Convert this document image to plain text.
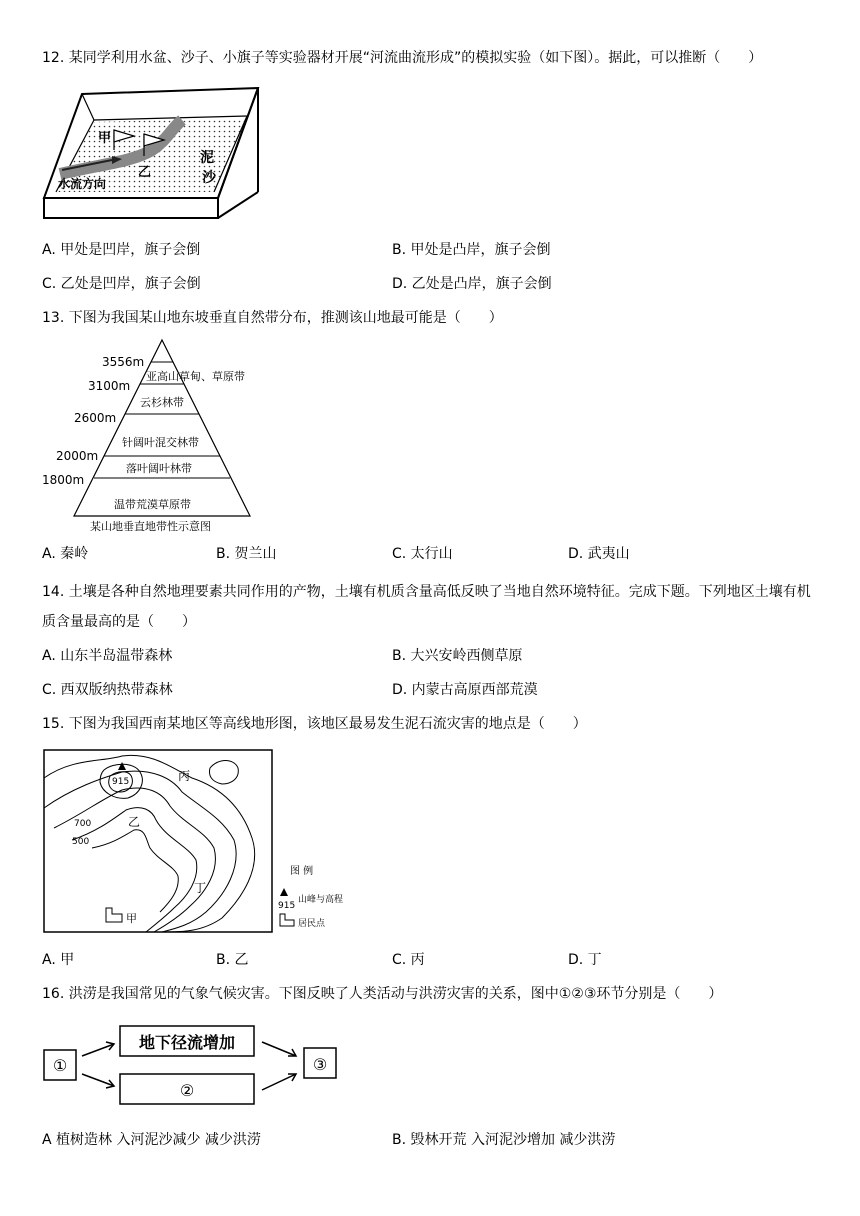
12. 某同学利用水盆、沙子、小旗子等实验器材开展“河流曲流形成”的模拟实验（如下图）。据此，可以推断（　　）
甲
乙
泥
沙
水流方向
A. 甲处是凹岸，旗子会倒	B. 甲处是凸岸，旗子会倒
C. 乙处是凹岸，旗子会倒	D. 乙处是凸岸，旗子会倒
13. 下图为我国某山地东坡垂直自然带分布，推测该山地最可能是（　　）
3556m
3100m
2600m
2000m
1800m
亚高山草甸、草原带
云杉林带
针阔叶混交林带
落叶阔叶林带
温带荒漠草原带
某山地垂直地带性示意图
A. 秦岭	B. 贺兰山	C. 太行山	D. 武夷山
14. 土壤是各种自然地理要素共同作用的产物，土壤有机质含量高低反映了当地自然环境特征。完成下题。下列地区土壤有机质含量最高的是（　　）
A. 山东半岛温带森林	B. 大兴安岭西侧草原
C. 西双版纳热带森林	D. 内蒙古高原西部荒漠
15. 下图为我国西南某地区等高线地形图，该地区最易发生泥石流灾害的地点是（　　）
915
700
500
乙
丙
丁
甲
图 例
915
山峰与高程
居民点
A. 甲	B. 乙	C. 丙	D. 丁
16. 洪涝是我国常见的气象气候灾害。下图反映了人类活动与洪涝灾害的关系，图中①②③环节分别是（　　）
①
地下径流增加
②
③
A 植树造林 入河泥沙减少 减少洪涝	B. 毁林开荒 入河泥沙增加 减少洪涝
